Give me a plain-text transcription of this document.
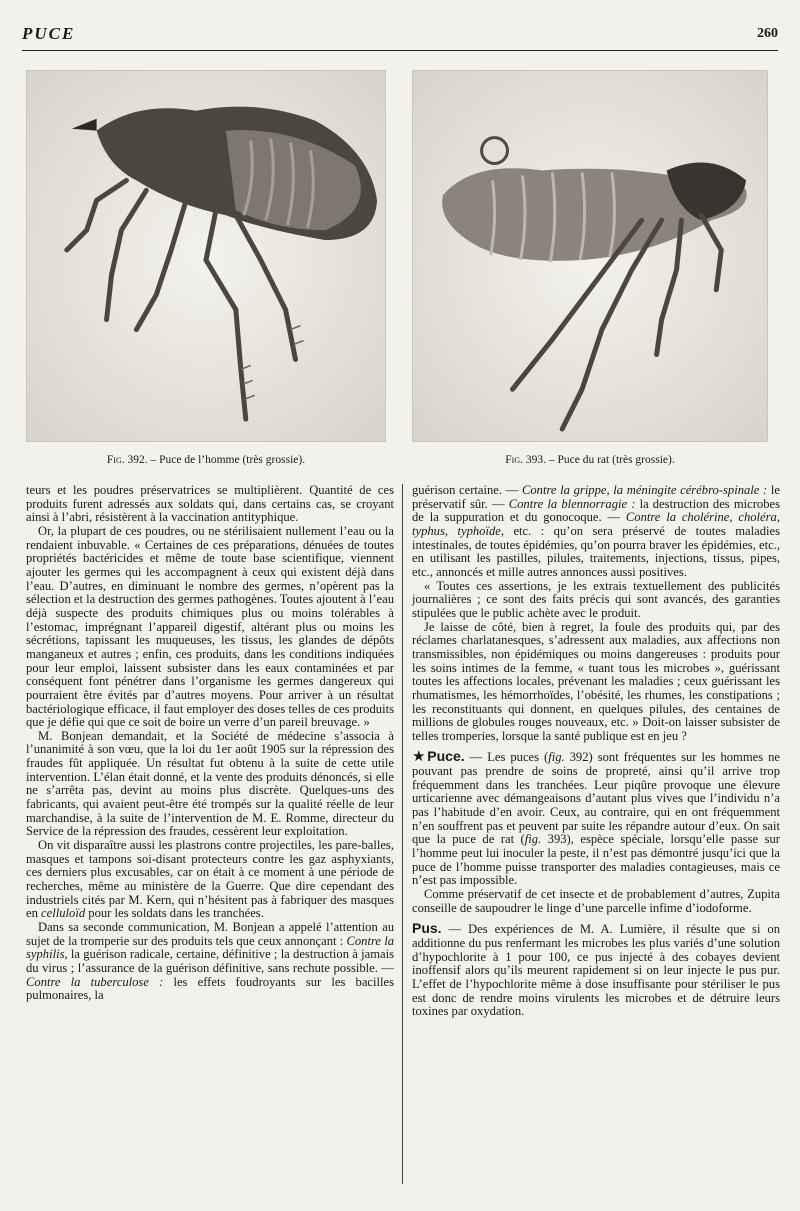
PUCE	260
Fig. 392. – Puce de l’homme (très grossie).	Fig. 393. – Puce du rat (très grossie).

teurs et les poudres préservatrices se multiplièrent. Quantité de ces produits furent adressés aux soldats qui, dans certains cas, se croyant ainsi à l’abri, résistèrent à la vaccination antityphique.

Or, la plupart de ces poudres, ou ne stérilisaient nullement l’eau ou la rendaient inbuvable. « Certaines de ces préparations, dénuées de toutes propriétés bactéricides et même de toute base scientifique, viennent ajouter les germes qui les accompagnent à ceux qui existent déjà dans l’eau. D’autres, en diminuant le nombre des germes, n’opèrent pas la sélection et la destruction des germes pathogènes. Toutes ajoutent à l’eau déjà suspecte des produits chimiques plus ou moins tolérables à l’estomac, imprégnant l’appareil digestif, altérant plus ou moins les sécrétions, tapissant les muqueuses, les tissus, les glandes de dépôts manganeux et autres ; enfin, ces produits, dans les conditions indiquées pour leur emploi, laissent subsister dans les eaux contaminées et par conséquent font pénétrer dans l’organisme les germes dangereux qui pourraient être évités par d’autres moyens. Pour arriver à un résultat bactériologique efficace, il faut employer des doses telles de ces produits que je défie qui que ce soit de boire un verre d’un pareil breuvage. »

M. Bonjean demandait, et la Société de médecine s’associa à l’unanimité à son vœu, que la loi du 1er août 1905 sur la répression des fraudes fût appliquée. Un résultat fut obtenu à la suite de cette utile intervention. L’élan était donné, et la vente des produits dénoncés, si elle ne s’arrêta pas, devint au moins plus discrète. Quelques-uns des fabricants, qui avaient peut-être été trompés sur la qualité réelle de leur marchandise, à la suite de l’intervention de M. E. Romme, directeur du Service de la répression des fraudes, cessèrent leur exploitation.

On vit disparaître aussi les plastrons contre projectiles, les pare-balles, masques et tampons soi-disant protecteurs contre les gaz asphyxiants, ces derniers plus excusables, car on était à ce moment à une période de recherches, même au ministère de la Guerre. Que dire cependant des industriels cités par M. Kern, qui n’hésitent pas à fabriquer des masques en celluloïd pour les soldats dans les tranchées.

Dans sa seconde communication, M. Bonjean a appelé l’attention au sujet de la tromperie sur des produits tels que ceux annonçant : Contre la syphilis, la guérison radicale, certaine, définitive ; la destruction à jamais du virus ; l’assurance de la guérison définitive, sans rechute possible. — Contre la tuberculose : les effets foudroyants sur les bacilles pulmonaires, la

guérison certaine. — Contre la grippe, la méningite cérébro-spinale : le préservatif sûr. — Contre la blennorragie : la destruction des microbes de la suppuration et du gonocoque. — Contre la cholérine, choléra, typhus, typhoïde, etc. : qu’on sera préservé de toutes maladies intestinales, de toutes épidémies, qu’on pourra braver les épidémies, etc., en utilisant les pastilles, pilules, traitements, injections, tissus, pipes, etc., annoncés et mille autres annonces aussi positives.

« Toutes ces assertions, je les extrais textuellement des publicités journalières ; ce sont des faits précis qui sont avancés, des garanties stipulées que le public achète avec le produit.

Je laisse de côté, bien à regret, la foule des produits qui, par des réclames charlatanesques, s’adressent aux maladies, aux affections non transmissibles, non épidémiques ou moins dangereuses : produits pour les soins intimes de la femme, « tuant tous les microbes », guérissant toutes les affections locales, prévenant les maladies ; ceux guérissant les rhumatismes, les hémorrhoïdes, l’obésité, les rhumes, les constipations ; les reconstituants qui donnent, en quelques pilules, des centaines de millions de globules rouges nouveaux, etc. » Doit-on laisser subsister de telles tromperies, lorsque la santé publique est en jeu ?

★Puce. — Les puces (fig. 392) sont fréquentes sur les hommes ne pouvant pas prendre de soins de propreté, ainsi qu’il arrive trop fréquemment dans les tranchées. Leur piqûre provoque une élevure urticarienne avec démangeaisons d’autant plus vives que l’individu n’a pas l’habitude d’en avoir. Ceux, au contraire, qui en ont fréquemment n’en souffrent pas et peuvent par suite les répandre autour d’eux. On sait que la puce de rat (fig. 393), espèce spéciale, lorsqu’elle passe sur l’homme peut lui inoculer la peste, il n’est pas démontré jusqu’ici que la puce de l’homme puisse transporter des maladies contagieuses, mais ce n’est pas impossible.

Comme préservatif de cet insecte et de probablement d’autres, Zupita conseille de saupoudrer le linge d’une parcelle infime d’iodoforme.

Pus. — Des expériences de M. A. Lumière, il résulte que si on additionne du pus renfermant les microbes les plus variés d’une solution d’hypochlorite à 1 pour 100, ce pus injecté à des cobayes devient inoffensif alors qu’ils meurent rapidement si on leur injecte le pus pur. L’effet de l’hypochlorite même à dose insuffisante pour stériliser le pus est donc de rendre moins virulents les microbes et de détruire leurs toxines par oxydation.
